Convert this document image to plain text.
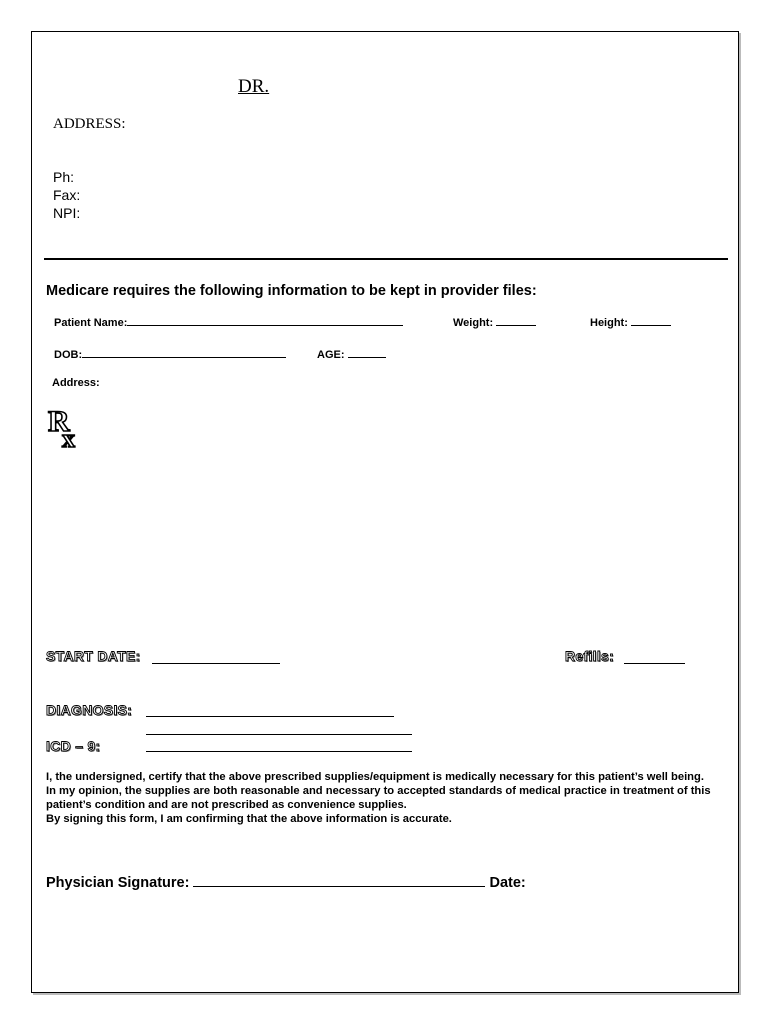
DR.
ADDRESS:
Ph:
Fax:
NPI:
Medicare requires the following information to be kept in provider files:
Patient Name:	Weight:	Height:
DOB:	AGE:
Address:
R
x
START DATE:	Refills:
DIAGNOSIS:
ICD – 9:

I, the undersigned, certify that the above prescribed supplies/equipment is medically necessary for this patient’s well being.

In my opinion, the supplies are both reasonable and necessary to accepted standards of medical practice in treatment of this patient’s condition and are not prescribed as convenience supplies.

By signing this form, I am confirming that the above information is accurate.

Physician Signature:	Date:
